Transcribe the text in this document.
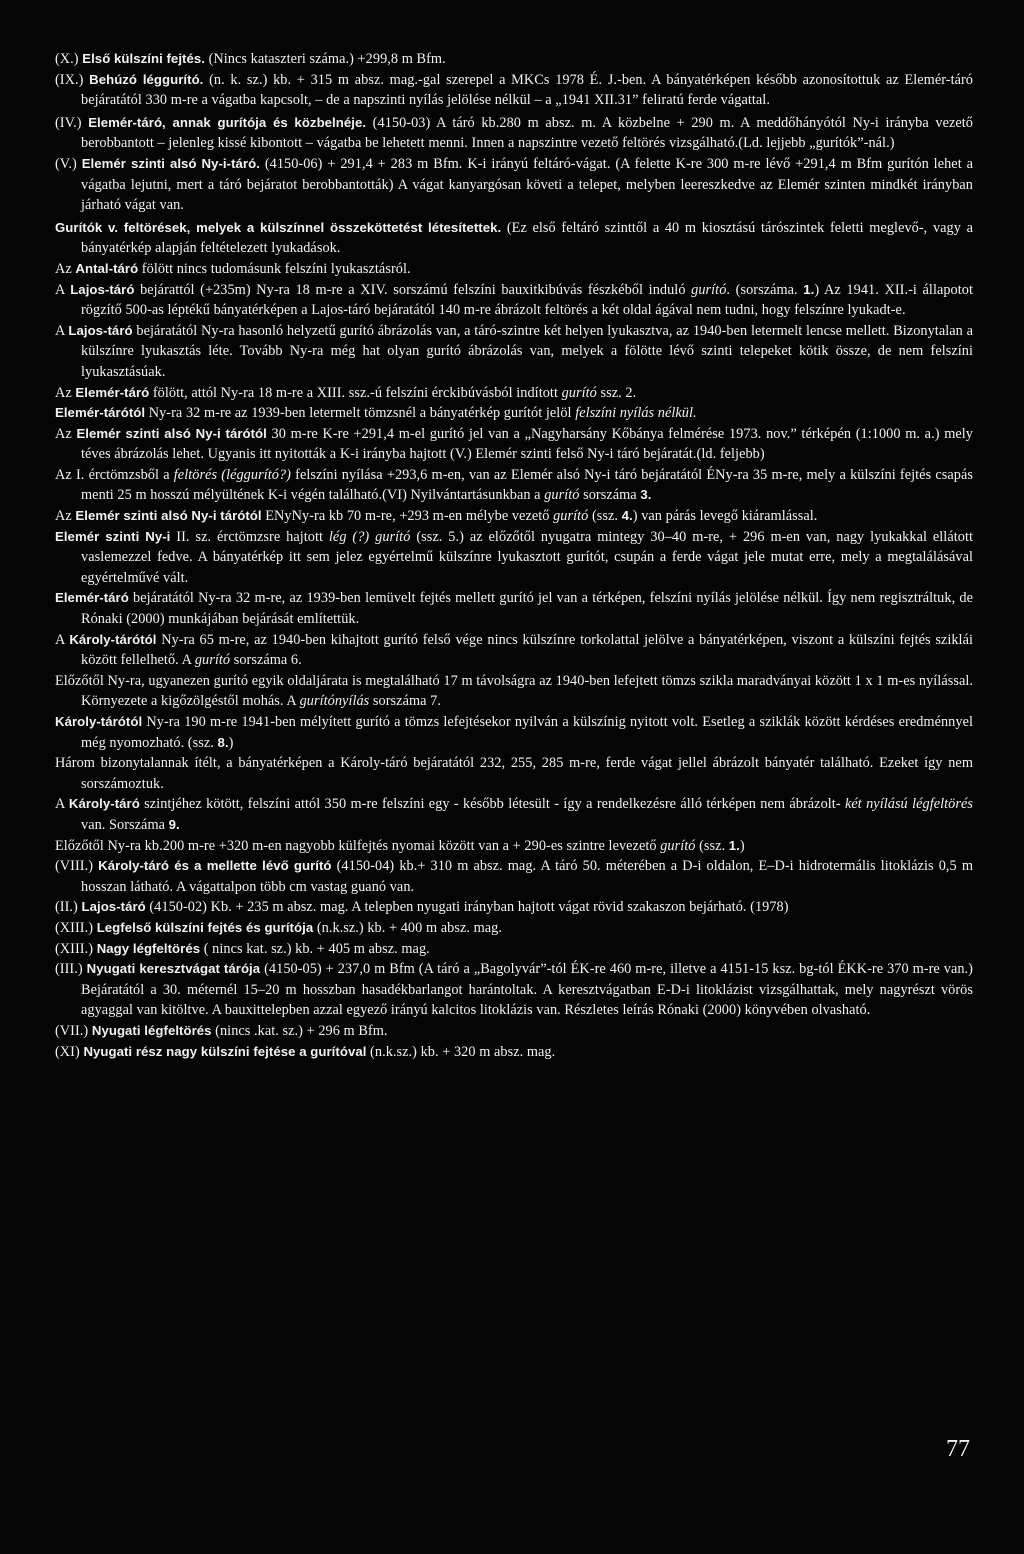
(X.) Első külszíni fejtés. (Nincs kataszteri száma.) +299,8 m Bfm.

(IX.) Behúzó léggurító. (n. k. sz.) kb. + 315 m absz. mag.-gal szerepel a MKCs 1978 É. J.-ben. A bányatérképen később azonosítottuk az Elemér-táró bejáratától 330 m-re a vágatba kapcsolt, – de a napszinti nyílás jelölése nélkül – a „1941 XII.31” feliratú ferde vágattal.

(IV.) Elemér-táró, annak gurítója és közbelnéje. (4150-03) A táró kb.280 m absz. m. A közbelne + 290 m. A meddőhányótól Ny-i irányba vezető berobbantott – jelenleg kissé kibontott – vágatba be lehetett menni. Innen a napszintre vezető feltörés vizsgálható.(Ld. lejjebb „gurítók”-nál.)

(V.) Elemér szinti alsó Ny-i-táró. (4150-06) + 291,4 + 283 m Bfm. K-i irányú feltáró-vágat. (A felette K-re 300 m-re lévő +291,4 m Bfm gurítón lehet a vágatba lejutni, mert a táró bejáratot berobbantották) A vágat kanyargósan követi a telepet, melyben leereszkedve az Elemér szinten mindkét irányban járható vágat van.

Gurítók v. feltörések, melyek a külszínnel összeköttetést létesítettek. (Ez első feltáró szinttől a 40 m kiosztású tárószintek feletti meglevő-, vagy a bányatérkép alapján feltételezett lyukadások.

Az Antal-táró fölött nincs tudomásunk felszíni lyukasztásról.

A Lajos-táró bejárattól (+235m) Ny-ra 18 m-re a XIV. sorszámú felszíni bauxitkibúvás fészkéből induló gurító. (sorszáma. 1.) Az 1941. XII.-i állapotot rögzítő 500-as léptékű bányatérképen a Lajos-táró bejáratától 140 m-re ábrázolt feltörés a két oldal ágával nem tudni, hogy felszínre lyukadt-e.

A Lajos-táró bejáratától Ny-ra hasonló helyzetű gurító ábrázolás van, a táró-szintre két helyen lyukasztva, az 1940-ben letermelt lencse mellett. Bizonytalan a külszínre lyukasztás léte. Tovább Ny-ra még hat olyan gurító ábrázolás van, melyek a fölötte lévő szinti telepeket kötik össze, de nem felszíni lyukasztásúak.

Az Elemér-táró fölött, attól Ny-ra 18 m-re a XIII. ssz.-ú felszíni érckibúvásból indított gurító ssz. 2.

Elemér-tárótól Ny-ra 32 m-re az 1939-ben letermelt tömzsnél a bányatérkép gurítót jelöl felszíni nyílás nélkül.

Az Elemér szinti alsó Ny-i tárótól 30 m-re K-re +291,4 m-el gurító jel van a „Nagyharsány Kőbánya felmérése 1973. nov.” térképén (1:1000 m. a.) mely téves ábrázolás lehet. Ugyanis itt nyitották a K-i irányba hajtott (V.) Elemér szinti felső Ny-i táró bejáratát.(ld. feljebb)

Az I. érctömzsből a feltörés (léggurító?) felszíni nyílása +293,6 m-en, van az Elemér alsó Ny-i táró bejáratától ÉNy-ra 35 m-re, mely a külszíni fejtés csapás menti 25 m hosszú mélyültének K-i végén található.(VI) Nyilvántartásunkban a gurító sorszáma 3.

Az Elemér szinti alsó Ny-i tárótól ENyNy-ra kb 70 m-re, +293 m-en mélybe vezető gurító (ssz. 4.) van párás levegő kiáramlással.

Elemér szinti Ny-i II. sz. érctömzsre hajtott lég (?) gurító (ssz. 5.) az előzőtől nyugatra mintegy 30–40 m-re, + 296 m-en van, nagy lyukakkal ellátott vaslemezzel fedve. A bányatérkép itt sem jelez egyértelmű külszínre lyukasztott gurítót, csupán a ferde vágat jele mutat erre, mely a megtalálásával egyértelművé vált.

Elemér-táró bejáratától Ny-ra 32 m-re, az 1939-ben lemüvelt fejtés mellett gurító jel van a térképen, felszíni nyílás jelölése nélkül. Így nem regisztráltuk, de Rónaki (2000) munkájában bejárását említettük.

A Károly-tárótól Ny-ra 65 m-re, az 1940-ben kihajtott gurító felső vége nincs külszínre torkolattal jelölve a bányatérképen, viszont a külszíni fejtés sziklái között fellelhető. A gurító sorszáma 6.

Előzőtől Ny-ra, ugyanezen gurító egyik oldaljárata is megtalálható 17 m távolságra az 1940-ben lefejtett tömzs szikla maradványai között 1 x 1 m-es nyílással. Környezete a kigőzölgéstől mohás. A gurítónyílás sorszáma 7.

Károly-tárótól Ny-ra 190 m-re 1941-ben mélyített gurító a tömzs lefejtésekor nyilván a külszínig nyitott volt. Esetleg a sziklák között kérdéses eredménnyel még nyomozható. (ssz. 8.)

Három bizonytalannak ítélt, a bányatérképen a Károly-táró bejáratától 232, 255, 285 m-re, ferde vágat jellel ábrázolt bányatér található. Ezeket így nem sorszámoztuk.

A Károly-táró szintjéhez kötött, felszíni attól 350 m-re felszíni egy - később létesült - így a rendelkezésre álló térképen nem ábrázolt- két nyílású légfeltörés van. Sorszáma 9.

Előzőtől Ny-ra kb.200 m-re +320 m-en nagyobb külfejtés nyomai között van a + 290-es szintre levezető gurító (ssz. 1.)

(VIII.) Károly-táró és a mellette lévő gurító (4150-04) kb.+ 310 m absz. mag. A táró 50. méterében a D-i oldalon, E–D-i hidrotermális litoklázis 0,5 m hosszan látható. A vágattalpon több cm vastag guanó van.

(II.) Lajos-táró (4150-02) Kb. + 235 m absz. mag. A telepben nyugati irányban hajtott vágat rövid szakaszon bejárható. (1978)

(XIII.) Legfelső külszíni fejtés és gurítója (n.k.sz.) kb. + 400 m absz. mag.

(XIII.) Nagy légfeltörés ( nincs kat. sz.) kb. + 405 m absz. mag.

(III.) Nyugati keresztvágat tárója (4150-05) + 237,0 m Bfm (A táró a „Bagolyvár”-tól ÉK-re 460 m-re, illetve a 4151-15 ksz. bg-tól ÉKK-re 370 m-re van.) Bejáratától a 30. méternél 15–20 m hosszban hasadékbarlangot harántoltak. A keresztvágatban E-D-i litoklázist vizsgálhattak, mely nagyrészt vörös agyaggal van kitöltve. A bauxittelepben azzal egyező irányú kalcitos litoklázis van. Részletes leírás Rónaki (2000) könyvében olvasható.

(VII.) Nyugati légfeltörés (nincs .kat. sz.) + 296 m Bfm.

(XI) Nyugati rész nagy külszíni fejtése a gurítóval (n.k.sz.) kb. + 320 m absz. mag.

77
